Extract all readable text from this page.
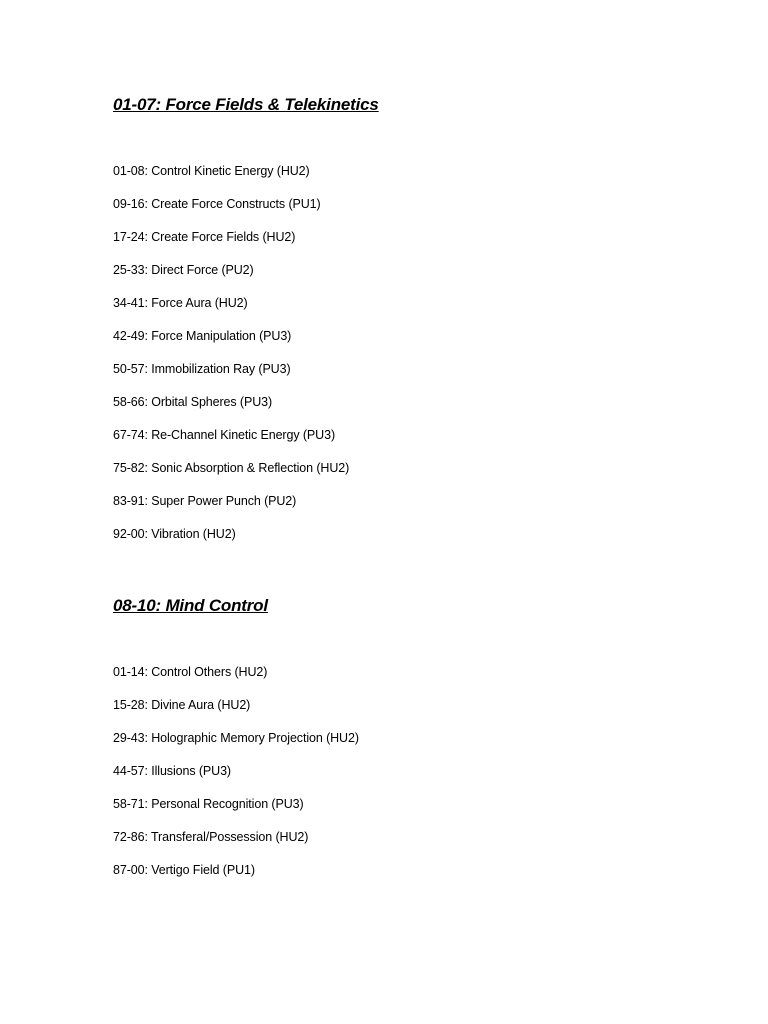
01-07: Force Fields & Telekinetics
01-08: Control Kinetic Energy (HU2)
09-16: Create Force Constructs (PU1)
17-24: Create Force Fields (HU2)
25-33: Direct Force (PU2)
34-41: Force Aura (HU2)
42-49: Force Manipulation (PU3)
50-57: Immobilization Ray (PU3)
58-66: Orbital Spheres (PU3)
67-74: Re-Channel Kinetic Energy (PU3)
75-82: Sonic Absorption & Reflection (HU2)
83-91: Super Power Punch (PU2)
92-00: Vibration (HU2)
08-10: Mind Control
01-14: Control Others (HU2)
15-28: Divine Aura (HU2)
29-43: Holographic Memory Projection (HU2)
44-57: Illusions (PU3)
58-71: Personal Recognition (PU3)
72-86: Transferal/Possession (HU2)
87-00: Vertigo Field (PU1)
